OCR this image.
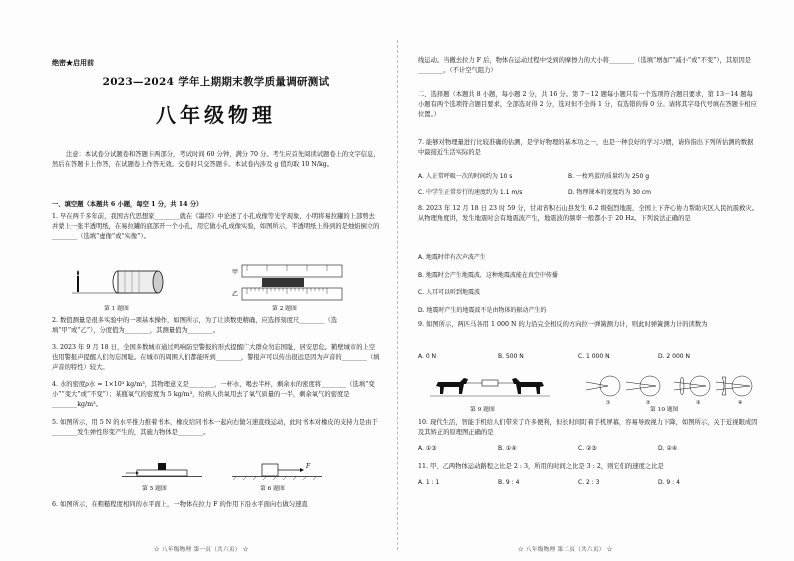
绝密★启用前
2023—2024 学年上期期末教学质量调研测试
八年级物理
注意：本试卷分试题卷和答题卡两部分，考试时间 60 分钟，满分 70 分。考生应首先阅读试题卷上的文字信息，然后在答题卡上作答，在试题卷上作答无效。交卷时只交答题卡。本试卷内涉及 g 值均取 10 N/kg。
一、填空题（本题共 6 小题，每空 1 分，共 14 分）
1. 早在两千多年前，我国古代思想家________就在《墨经》中论述了小孔成像等光学现象，小明将易拉罐的上部剪去并蒙上一张半透明纸，在易拉罐的底部开一个小孔，用它做小孔成像实验，如图所示，半透明纸上得到的是烛焰倒立的________（选填“虚像”或“实像”）。
第 1 题图
甲
乙
第 2 题图
2. 数值测量是很多实验中的一项基本操作，如图所示，为了让读数更精确，应选择刻度尺________（选填“甲”或“乙”），分度值为________，其测量值为________。
3. 2023 年 9 月 18 日，全国多数城市通过鸣响防空警报的形式提醒广大群众勿忘国耻，居安思危。鹤壁城市的上空也用警报声提醒人们勿忘国耻。在城市的周围人们都能听到________，警报声可以传出很远是因为声音的________（填声音的特性）较大。
4. 水的密度ρ水 = 1×10³ kg/m³，其物理意义是________，一杯水，喝去半杯，剩余水的密度将________（选填“变小”“变大”或“不变”）；某瓶氧气的密度为 5 kg/m³，给病人供氧用去了氧气质量的一半，剩余氧气的密度是________kg/m³。
5. 如图所示，用 5 N 的水平推力推着书本，橡皮给同书本一起向右做匀速直线运动，此时书本对橡皮的支持力是由于________发生弹性形变产生的，其施力物体是________。
第 5 题图
F
第 6 题图
6. 如图所示，在粗糙程度相同的水平面上，一物体在拉力 F 的作用下沿水平面向右做匀速直
☆ 八年级物理 第一页（共六页） ☆
线运动。当撤去拉力 F 后，物体在运动过程中受到的摩擦力的大小将________（选填“增加”“减小”或“不变”），其原因是________。（不计空气阻力）
二、选择题（本题共 8 小题，每小题 2 分，共 16 分。第 7－12 题每小题只有一个选项符合题目要求，第 13－14 题每小题有两个选项符合题目要求，全部选对得 2 分，选对但不全得 1 分，有选错的得 0 分。请将其字母代号填在答题卡相应位置。）
7. 能够对物理量进行比较准确的估测，是学好物理的基本功之一，也是一种良好的学习习惯，请你指出下列所估测的数据中最接近生活实际的是
A. 人正常呼吸一次的时间约为 10 s	B. 一枚鸡蛋的质量约为 250 g
C. 中学生正常步行的速度约为 1.1 m/s	D. 物理课本的宽度约为 30 cm
8. 2023 年 12 月 18 日 23 时 59 分，甘肃省积石山县发生 6.2 级强烈地震，全国上下齐心协力帮助灾区人民抗震救灾。从物理角度讲，发生地震时会有地震波产生，地震波的频率一般都小于 20 Hz。下列说法正确的是
A. 地震时伴有次声波产生
B. 地震时会产生地震波，这种地震波能在真空中传播
C. 人耳可以听到地震波
D. 地震时产生的地震波不是由物体的振动产生的
9. 如图所示，两匹马各用 1 000 N 的力沿完全相反的方向拉一弹簧测力计，则此时弹簧测力计的读数为
A. 0 N	B. 500 N	C. 1 000 N	D. 2 000 N
第 9 题图
①	②	③	④
第 10 题图
10. 现代生活，智能手机给人们带来了许多便利，但长时间盯着手机屏幕，容易导致视力下降，如图所示，关于近视眼成因及其矫正的原理图正确的是
A. ①③	B. ①④	C. ②③	D. ②④
11. 甲、乙两物体运动路程之比是 2 : 3，所用的时间之比是 3 : 2，则它们的速度之比是
A. 1 : 1	B. 9 : 4	C. 2 : 3	D. 9 : 4
☆ 八年级物理 第二页（共六页） ☆
